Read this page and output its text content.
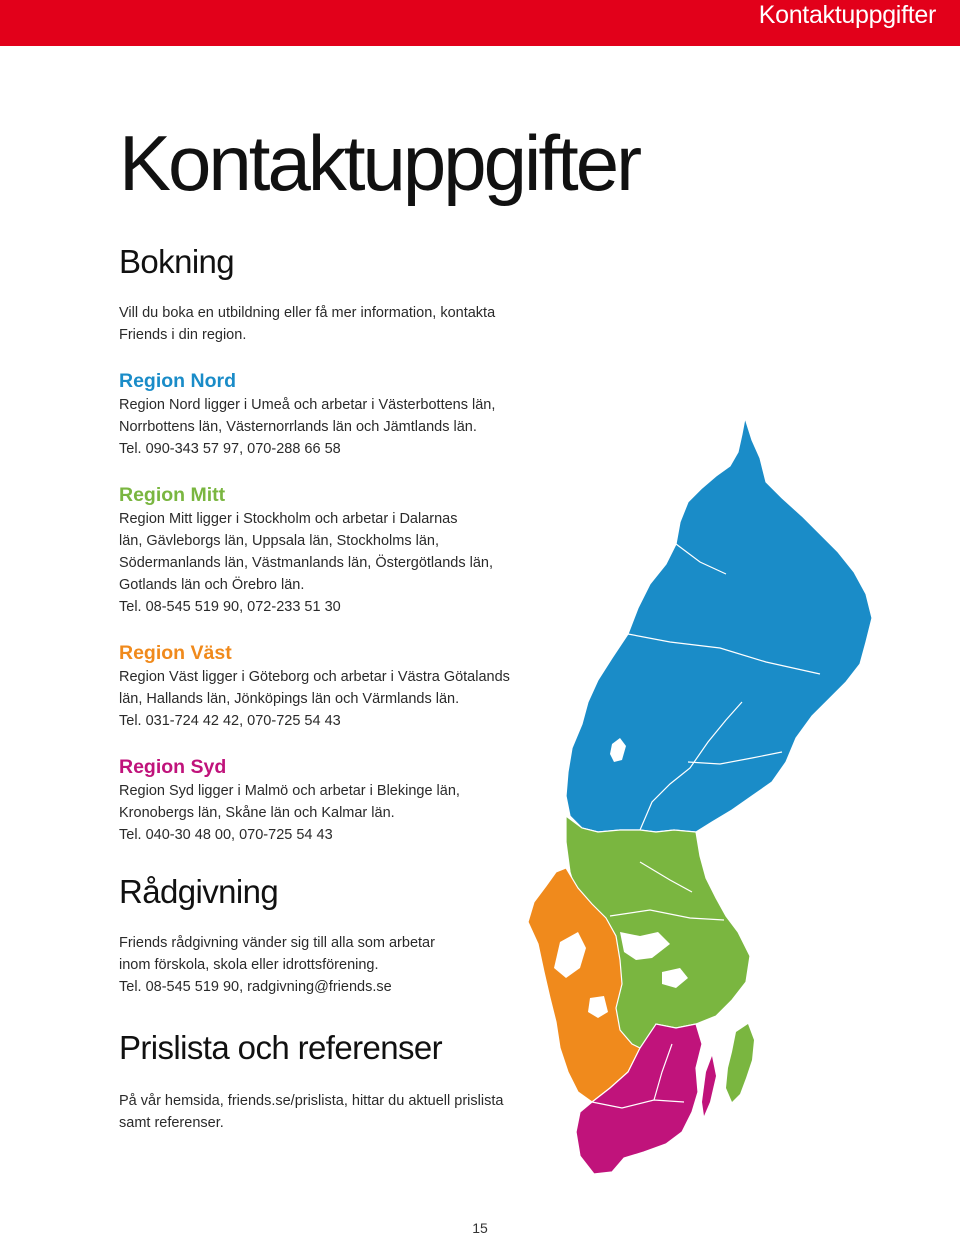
Kontaktuppgifter
Kontaktuppgifter
Bokning

Vill du boka en utbildning eller få mer information, kontakta
Friends i din region.

Region Nord

Region Nord ligger i Umeå och arbetar i Västerbottens län,
Norrbottens län, Västernorrlands län och Jämtlands län.
Tel. 090-343 57 97, 070-288 66 58

Region Mitt

Region Mitt ligger i Stockholm och arbetar i Dalarnas
län, Gävleborgs län, Uppsala län, Stockholms län,
Södermanlands län, Västmanlands län, Östergötlands län,
Gotlands län och Örebro län.
Tel. 08-545 519 90, 072-233 51 30

Region Väst

Region Väst ligger i Göteborg och arbetar i Västra Götalands
län, Hallands län, Jönköpings län och Värmlands län.
Tel. 031-724 42 42, 070-725 54 43

Region Syd

Region Syd ligger i Malmö och arbetar i Blekinge län,
Kronobergs län, Skåne län och Kalmar län.
Tel. 040-30 48 00, 070-725 54 43

Rådgivning

Friends rådgivning vänder sig till alla som arbetar
inom förskola, skola eller idrottsförening.
Tel. 08-545 519 90, radgivning@friends.se

Prislista och referenser

På vår hemsida, friends.se/prislista, hittar du aktuell prislista
samt referenser.

15
